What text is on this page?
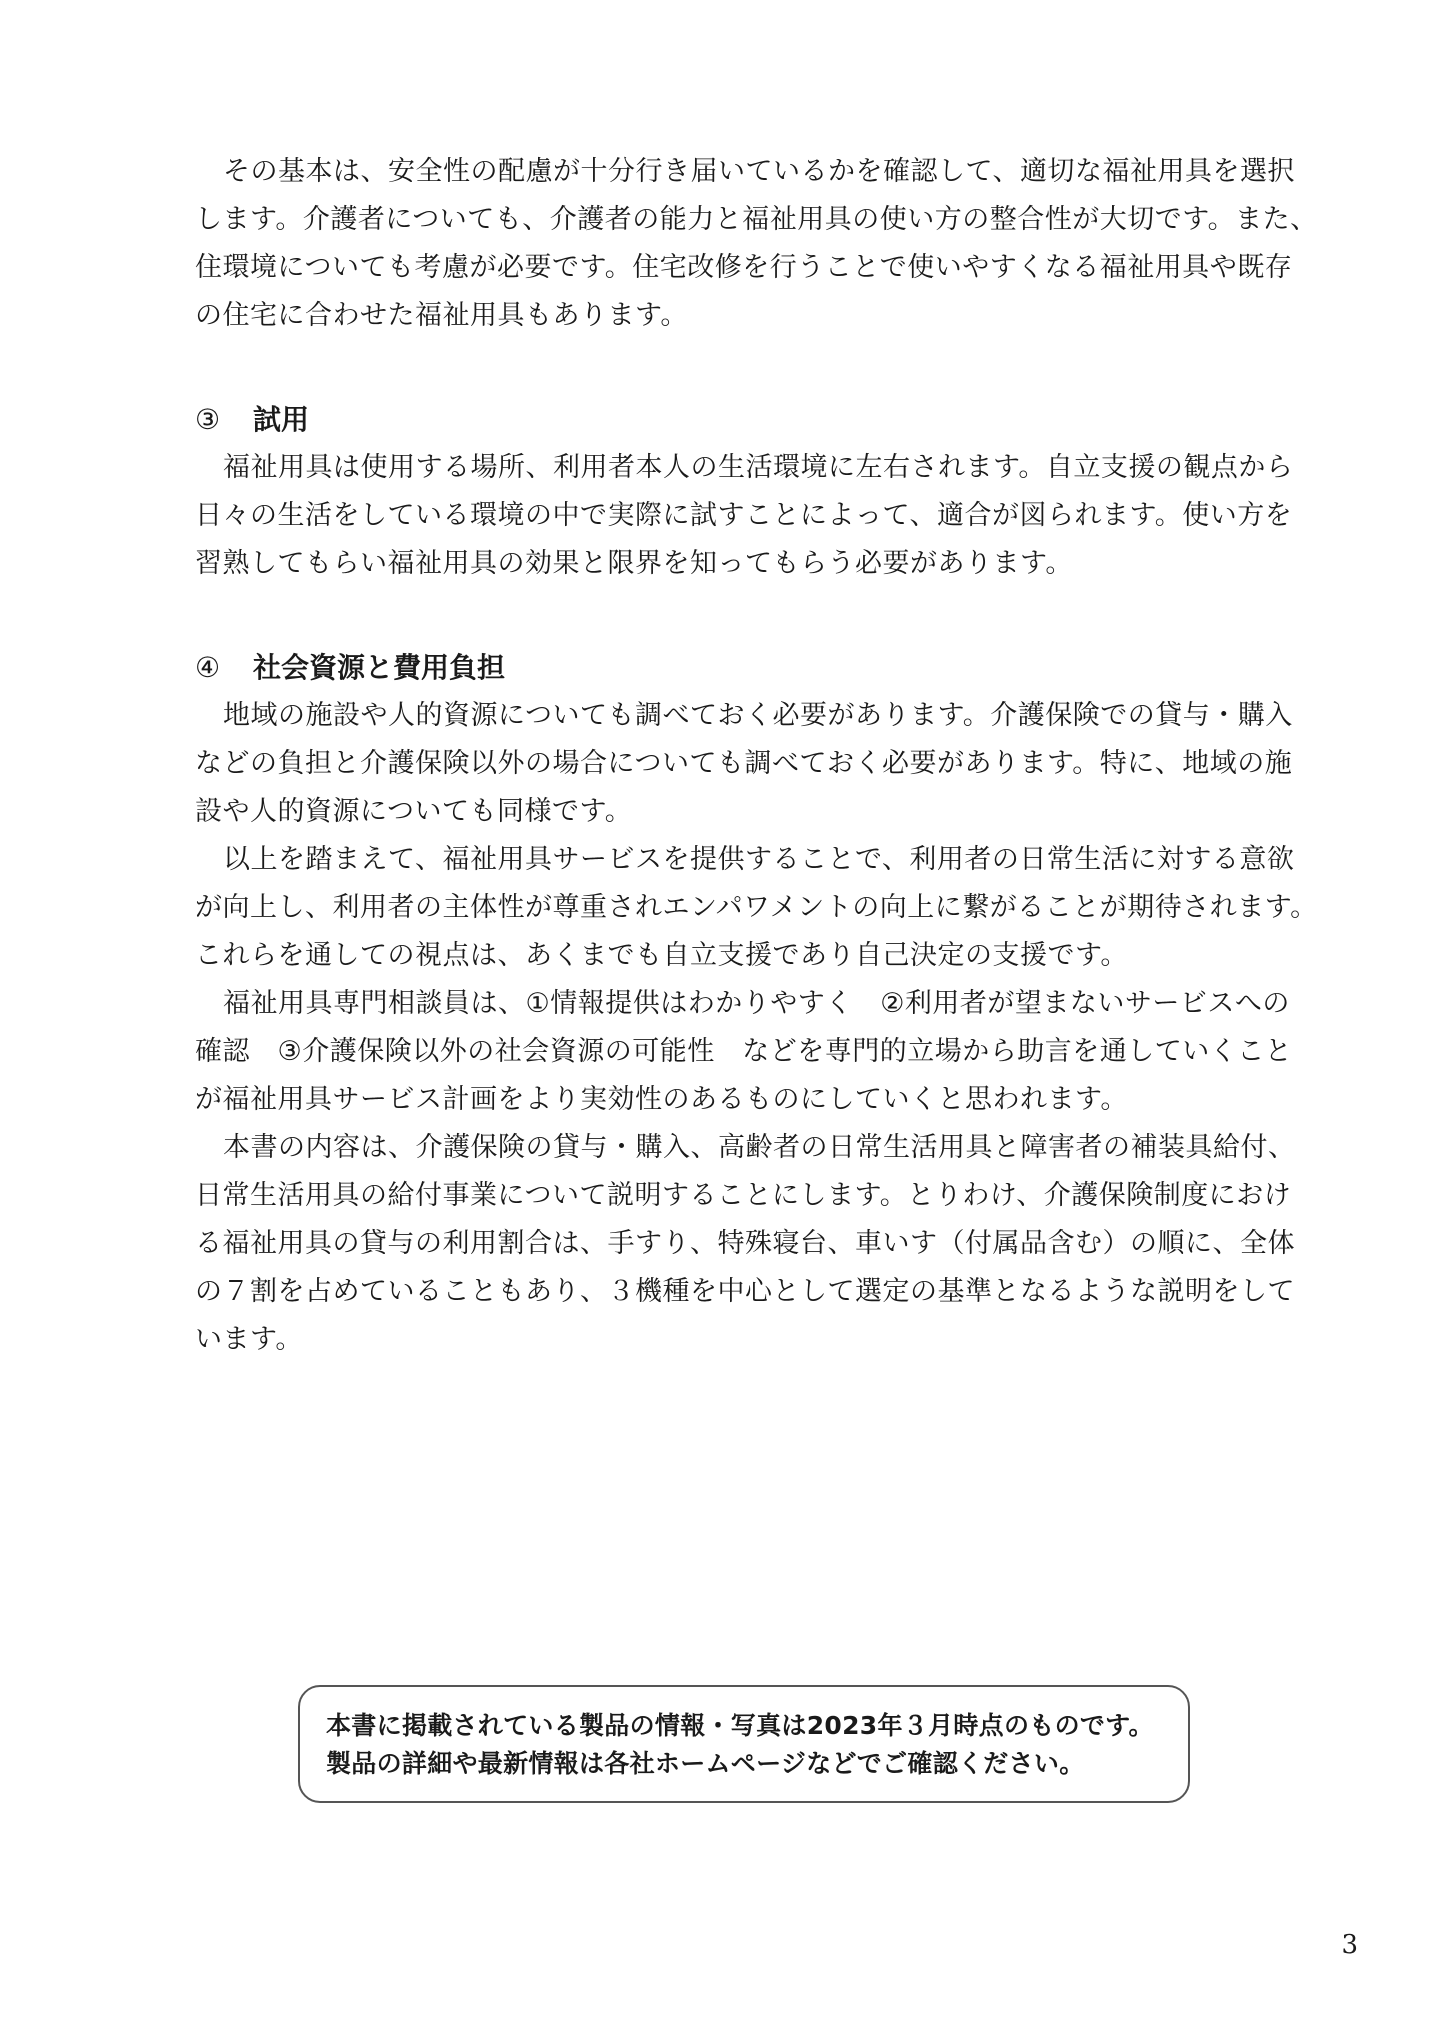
その基本は、安全性の配慮が十分行き届いているかを確認して、適切な福祉用具を選択
します。介護者についても、介護者の能力と福祉用具の使い方の整合性が大切です。また、
住環境についても考慮が必要です。住宅改修を行うことで使いやすくなる福祉用具や既存
の住宅に合わせた福祉用具もあります。

③	試用

福祉用具は使用する場所、利用者本人の生活環境に左右されます。自立支援の観点から
日々の生活をしている環境の中で実際に試すことによって、適合が図られます。使い方を
習熟してもらい福祉用具の効果と限界を知ってもらう必要があります。

④	社会資源と費用負担

地域の施設や人的資源についても調べておく必要があります。介護保険での貸与・購入
などの負担と介護保険以外の場合についても調べておく必要があります。特に、地域の施
設や人的資源についても同様です。

以上を踏まえて、福祉用具サービスを提供することで、利用者の日常生活に対する意欲
が向上し、利用者の主体性が尊重されエンパワメントの向上に繋がることが期待されます。
これらを通しての視点は、あくまでも自立支援であり自己決定の支援です。

福祉用具専門相談員は、①情報提供はわかりやすく　②利用者が望まないサービスへの
確認　③介護保険以外の社会資源の可能性　などを専門的立場から助言を通していくこと
が福祉用具サービス計画をより実効性のあるものにしていくと思われます。

本書の内容は、介護保険の貸与・購入、高齢者の日常生活用具と障害者の補装具給付、
日常生活用具の給付事業について説明することにします。とりわけ、介護保険制度におけ
る福祉用具の貸与の利用割合は、手すり、特殊寝台、車いす（付属品含む）の順に、全体
の７割を占めていることもあり、３機種を中心として選定の基準となるような説明をして
います。

本書に掲載されている製品の情報・写真は2023年３月時点のものです。

製品の詳細や最新情報は各社ホームページなどでご確認ください。

3
